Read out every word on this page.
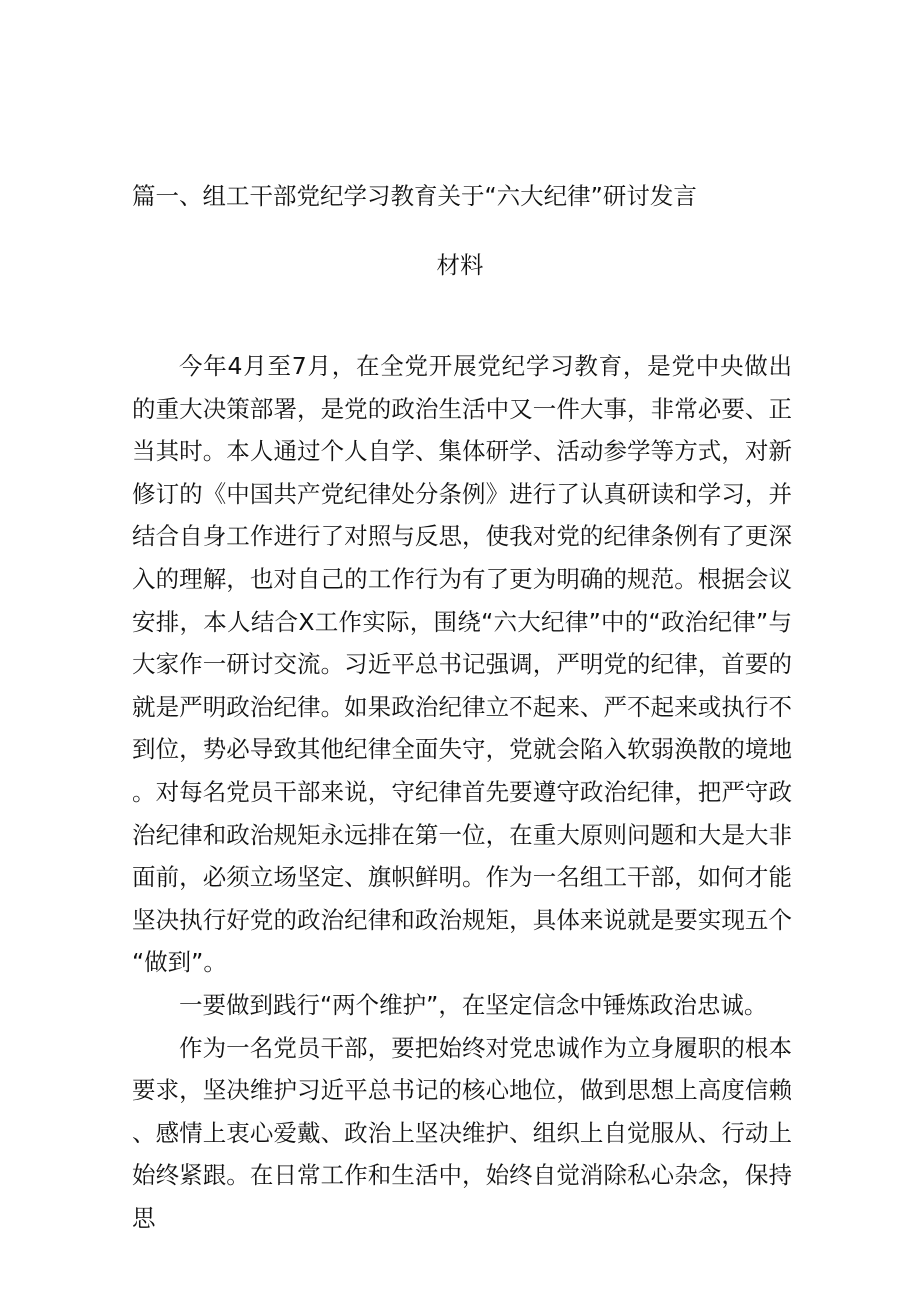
篇一、组工干部党纪学习教育关于“六大纪律”研讨发言
材料

今年4月至7月，在全党开展党纪学习教育，是党中央做出的重大决策部署，是党的政治生活中又一件大事，非常必要、正当其时。本人通过个人自学、集体研学、活动参学等方式，对新修订的《中国共产党纪律处分条例》进行了认真研读和学习，并结合自身工作进行了对照与反思，使我对党的纪律条例有了更深入的理解，也对自己的工作行为有了更为明确的规范。根据会议安排，本人结合X工作实际，围绕“六大纪律”中的“政治纪律”与大家作一研讨交流。习近平总书记强调，严明党的纪律，首要的就是严明政治纪律。如果政治纪律立不起来、严不起来或执行不到位，势必导致其他纪律全面失守，党就会陷入软弱涣散的境地。对每名党员干部来说，守纪律首先要遵守政治纪律，把严守政治纪律和政治规矩永远排在第一位，在重大原则问题和大是大非面前，必须立场坚定、旗帜鲜明。作为一名组工干部，如何才能坚决执行好党的政治纪律和政治规矩，具体来说就是要实现五个“做到”。

一要做到践行“两个维护”，在坚定信念中锤炼政治忠诚。

作为一名党员干部，要把始终对党忠诚作为立身履职的根本要求，坚决维护习近平总书记的核心地位，做到思想上高度信赖、感情上衷心爱戴、政治上坚决维护、组织上自觉服从、行动上始终紧跟。在日常工作和生活中，始终自觉消除私心杂念，保持思
